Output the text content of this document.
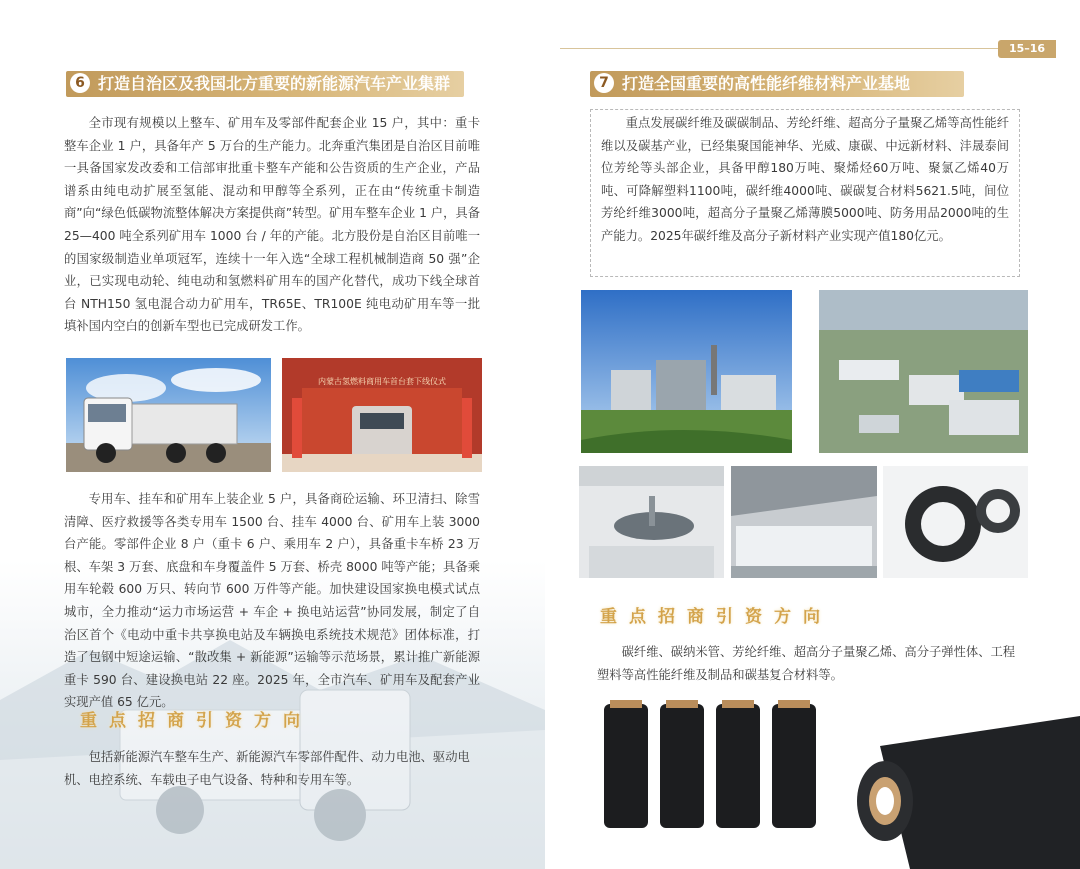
15–16
6 打造自治区及我国北方重要的新能源汽车产业集群

全市现有规模以上整车、矿用车及零部件配套企业 15 户，其中：重卡整车企业 1 户，具备年产 5 万台的生产能力。北奔重汽集团是自治区目前唯一具备国家发改委和工信部审批重卡整车产能和公告资质的生产企业，产品谱系由纯电动扩展至氢能、混动和甲醇等全系列，正在由“传统重卡制造商”向“绿色低碳物流整体解决方案提供商”转型。矿用车整车企业 1 户，具备 25—400 吨全系列矿用车 1000 台 / 年的产能。北方股份是自治区目前唯一的国家级制造业单项冠军，连续十一年入选“全球工程机械制造商 50 强”企业，已实现电动轮、纯电动和氢燃料矿用车的国产化替代，成功下线全球首台 NTH150 氢电混合动力矿用车，TR65E、TR100E 纯电动矿用车等一批填补国内空白的创新车型也已完成研发工作。

内蒙古氢燃料商用车首台套下线仪式

专用车、挂车和矿用车上装企业 5 户，具备商砼运输、环卫清扫、除雪清障、医疗救援等各类专用车 1500 台、挂车 4000 台、矿用车上装 3000 台产能。零部件企业 8 户（重卡 6 户、乘用车 2 户），具备重卡车桥 23 万根、车架 3 万套、底盘和车身覆盖件 5 万套、桥壳 8000 吨等产能；具备乘用车轮毂 600 万只、转向节 600 万件等产能。加快建设国家换电模式试点城市，全力推动“运力市场运营 + 车企 + 换电站运营”协同发展，制定了自治区首个《电动中重卡共享换电站及车辆换电系统技术规范》团体标准，打造了包钢中短途运输、“散改集 + 新能源”运输等示范场景，累计推广新能源重卡 590 台、建设换电站 22 座。2025 年，全市汽车、矿用车及配套产业实现产值 65 亿元。

重点招商引资方向
包括新能源汽车整车生产、新能源汽车零部件配件、动力电池、驱动电机、电控系统、车载电子电气设备、特种和专用车等。
7 打造全国重要的高性能纤维材料产业基地

重点发展碳纤维及碳碳制品、芳纶纤维、超高分子量聚乙烯等高性能纤维以及碳基产业，已经集聚国能神华、光威、康碳、中远新材料、沣晟泰间位芳纶等头部企业，具备甲醇180万吨、聚烯烃60万吨、聚氯乙烯40万吨、可降解塑料1100吨，碳纤维4000吨、碳碳复合材料5621.5吨，间位芳纶纤维3000吨，超高分子量聚乙烯薄膜5000吨、防务用品2000吨的生产能力。2025年碳纤维及高分子新材料产业实现产值180亿元。

重点招商引资方向
碳纤维、碳纳米管、芳纶纤维、超高分子量聚乙烯、高分子弹性体、工程塑料等高性能纤维及制品和碳基复合材料等。
